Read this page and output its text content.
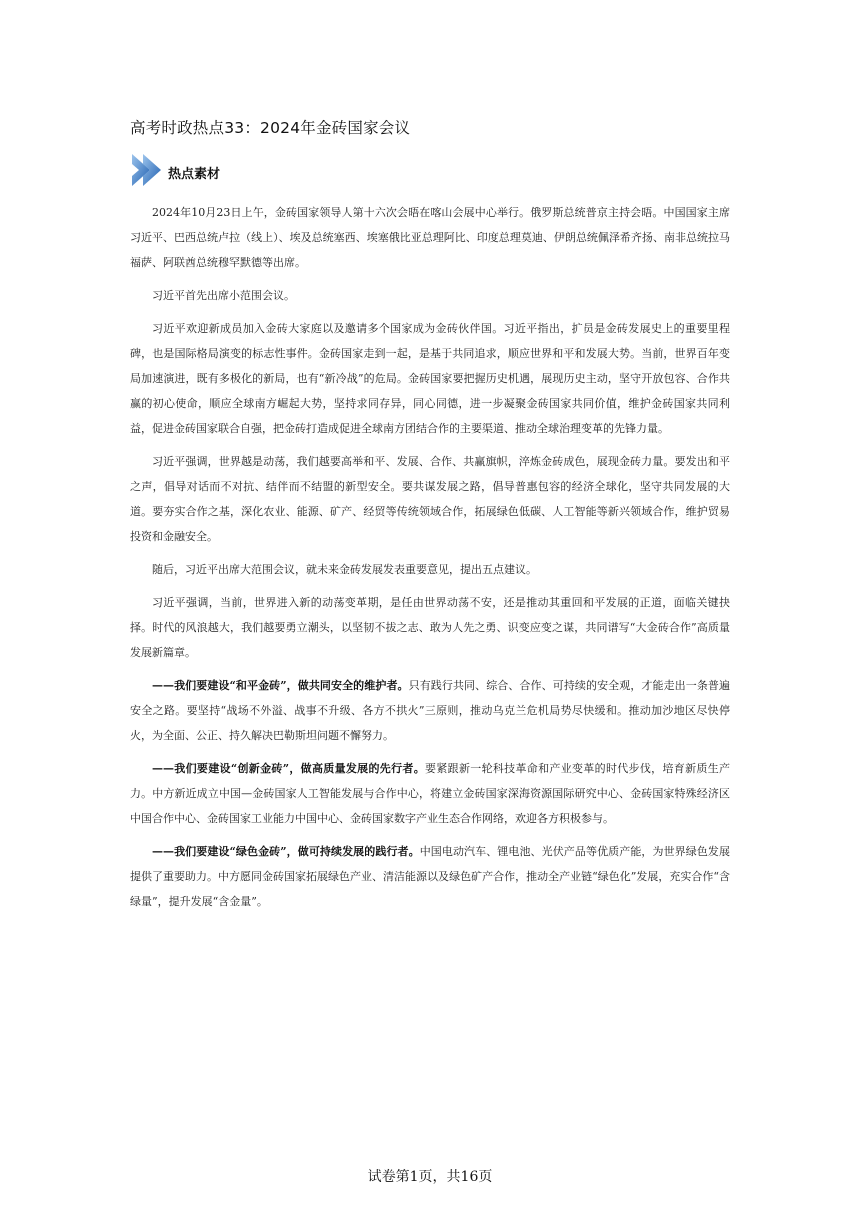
高考时政热点33：2024年金砖国家会议
热点素材

2024年10月23日上午，金砖国家领导人第十六次会晤在喀山会展中心举行。俄罗斯总统普京主持会晤。中国国家主席习近平、巴西总统卢拉（线上）、埃及总统塞西、埃塞俄比亚总理阿比、印度总理莫迪、伊朗总统佩泽希齐扬、南非总统拉马福萨、阿联酋总统穆罕默德等出席。

习近平首先出席小范围会议。

习近平欢迎新成员加入金砖大家庭以及邀请多个国家成为金砖伙伴国。习近平指出，扩员是金砖发展史上的重要里程碑，也是国际格局演变的标志性事件。金砖国家走到一起，是基于共同追求，顺应世界和平和发展大势。当前，世界百年变局加速演进，既有多极化的新局，也有“新冷战”的危局。金砖国家要把握历史机遇，展现历史主动，坚守开放包容、合作共赢的初心使命，顺应全球南方崛起大势，坚持求同存异，同心同德，进一步凝聚金砖国家共同价值，维护金砖国家共同利益，促进金砖国家联合自强，把金砖打造成促进全球南方团结合作的主要渠道、推动全球治理变革的先锋力量。

习近平强调，世界越是动荡，我们越要高举和平、发展、合作、共赢旗帜，淬炼金砖成色，展现金砖力量。要发出和平之声，倡导对话而不对抗、结伴而不结盟的新型安全。要共谋发展之路，倡导普惠包容的经济全球化，坚守共同发展的大道。要夯实合作之基，深化农业、能源、矿产、经贸等传统领域合作，拓展绿色低碳、人工智能等新兴领域合作，维护贸易投资和金融安全。

随后，习近平出席大范围会议，就未来金砖发展发表重要意见，提出五点建议。

习近平强调，当前，世界进入新的动荡变革期，是任由世界动荡不安，还是推动其重回和平发展的正道，面临关键抉择。时代的风浪越大，我们越要勇立潮头，以坚韧不拔之志、敢为人先之勇、识变应变之谋，共同谱写“大金砖合作”高质量发展新篇章。

——我们要建设“和平金砖”，做共同安全的维护者。只有践行共同、综合、合作、可持续的安全观，才能走出一条普遍安全之路。要坚持“战场不外溢、战事不升级、各方不拱火”三原则，推动乌克兰危机局势尽快缓和。推动加沙地区尽快停火，为全面、公正、持久解决巴勒斯坦问题不懈努力。

——我们要建设“创新金砖”，做高质量发展的先行者。要紧跟新一轮科技革命和产业变革的时代步伐，培育新质生产力。中方新近成立中国—金砖国家人工智能发展与合作中心，将建立金砖国家深海资源国际研究中心、金砖国家特殊经济区中国合作中心、金砖国家工业能力中国中心、金砖国家数字产业生态合作网络，欢迎各方积极参与。

——我们要建设“绿色金砖”，做可持续发展的践行者。中国电动汽车、锂电池、光伏产品等优质产能，为世界绿色发展提供了重要助力。中方愿同金砖国家拓展绿色产业、清洁能源以及绿色矿产合作，推动全产业链“绿色化”发展，充实合作“含绿量”，提升发展“含金量”。

试卷第1页，共16页
